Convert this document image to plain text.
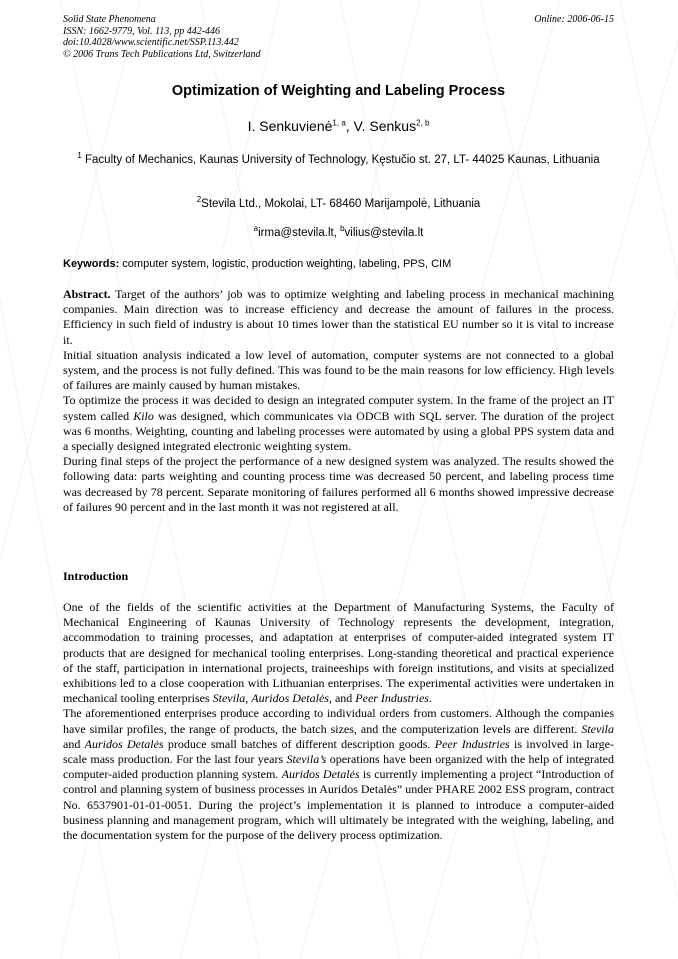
Solid State Phenomena
ISSN: 1662-9779, Vol. 113, pp 442-446
doi:10.4028/www.scientific.net/SSP.113.442
© 2006 Trans Tech Publications Ltd, Switzerland
Online: 2006-06-15
Optimization of Weighting and Labeling Process
I. Senkuvienė$^{1, a}$, V. Senkus$^{2, b}$
$^1$ Faculty of Mechanics, Kaunas University of Technology, Kęstučio st. 27, LT- 44025 Kaunas, Lithuania
$^2$Stevila Ltd., Mokolai, LT- 68460 Marijampolė, Lithuania
$^a$irma@stevila.lt, $^b$vilius@stevila.lt
Keywords: computer system, logistic, production weighting, labeling, PPS, CIM

Abstract. Target of the authors’ job was to optimize weighting and labeling process in mechanical machining companies. Main direction was to increase efficiency and decrease the amount of failures in the process. Efficiency in such field of industry is about 10 times lower than the statistical EU number so it is vital to increase it.

Initial situation analysis indicated a low level of automation, computer systems are not connected to a global system, and the process is not fully defined. This was found to be the main reasons for low efficiency. High levels of failures are mainly caused by human mistakes.

To optimize the process it was decided to design an integrated computer system. In the frame of the project an IT system called Kilo was designed, which communicates via ODCB with SQL server. The duration of the project was 6 months. Weighting, counting and labeling processes were automated by using a global PPS system data and a specially designed integrated electronic weighting system.

During final steps of the project the performance of a new designed system was analyzed. The results showed the following data: parts weighting and counting process time was decreased 50 percent, and labeling process time was decreased by 78 percent. Separate monitoring of failures performed all 6 months showed impressive decrease of failures 90 percent and in the last month it was not registered at all.

Introduction

One of the fields of the scientific activities at the Department of Manufacturing Systems, the Faculty of Mechanical Engineering of Kaunas University of Technology represents the development, integration, accommodation to training processes, and adaptation at enterprises of computer-aided integrated system IT products that are designed for mechanical tooling enterprises. Long-standing theoretical and practical experience of the staff, participation in international projects, traineeships with foreign institutions, and visits at specialized exhibitions led to a close cooperation with Lithuanian enterprises. The experimental activities were undertaken in mechanical tooling enterprises Stevila, Auridos Detalės, and Peer Industries.

The aforementioned enterprises produce according to individual orders from customers. Although the companies have similar profiles, the range of products, the batch sizes, and the computerization levels are different. Stevila and Auridos Detalės produce small batches of different description goods. Peer Industries is involved in large-scale mass production. For the last four years Stevila’s operations have been organized with the help of integrated computer-aided production planning system. Auridos Detalės is currently implementing a project “Introduction of control and planning system of business processes in Auridos Detalės” under PHARE 2002 ESS program, contract No. 6537901-01-01-0051. During the project’s implementation it is planned to introduce a computer-aided business planning and management program, which will ultimately be integrated with the weighing, labeling, and the documentation system for the purpose of the delivery process optimization.
